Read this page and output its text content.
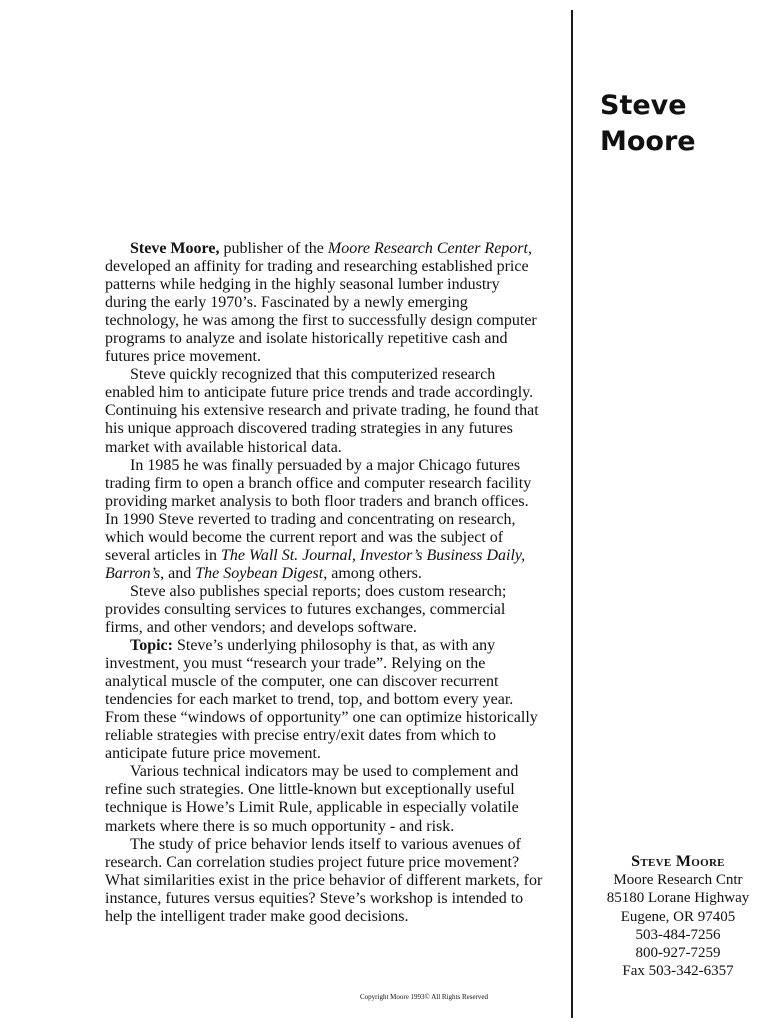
Steve
Moore

Steve Moore, publisher of the Moore Research Center Report, developed an affinity for trading and researching established price patterns while hedging in the highly seasonal lumber industry during the early 1970’s. Fascinated by a newly emerging technology, he was among the first to successfully design computer programs to analyze and isolate historically repetitive cash and futures price movement.

Steve quickly recognized that this computerized research enabled him to anticipate future price trends and trade accordingly. Continuing his extensive research and private trading, he found that his unique approach discovered trading strategies in any futures market with available historical data.

In 1985 he was finally persuaded by a major Chicago futures trading firm to open a branch office and computer research facility providing market analysis to both floor traders and branch offices. In 1990 Steve reverted to trading and concentrating on research, which would become the current report and was the subject of several articles in The Wall St. Journal, Investor’s Business Daily, Barron’s, and The Soybean Digest, among others.

Steve also publishes special reports; does custom research; provides consulting services to futures exchanges, commercial firms, and other vendors; and develops software.

Topic: Steve’s underlying philosophy is that, as with any investment, you must “research your trade”. Relying on the analytical muscle of the computer, one can discover recurrent tendencies for each market to trend, top, and bottom every year. From these “windows of opportunity” one can optimize historically reliable strategies with precise entry/exit dates from which to anticipate future price movement.

Various technical indicators may be used to complement and refine such strategies. One little-known but exceptionally useful technique is Howe’s Limit Rule, applicable in especially volatile markets where there is so much opportunity - and risk.

The study of price behavior lends itself to various avenues of research. Can correlation studies project future price movement? What similarities exist in the price behavior of different markets, for instance, futures versus equities? Steve’s workshop is intended to help the intelligent trader make good decisions.

Copyright Moore 1993© All Rights Reserved
Steve Moore
Moore Research Cntr
85180 Lorane Highway
Eugene, OR 97405
503-484-7256
800-927-7259
Fax 503-342-6357
